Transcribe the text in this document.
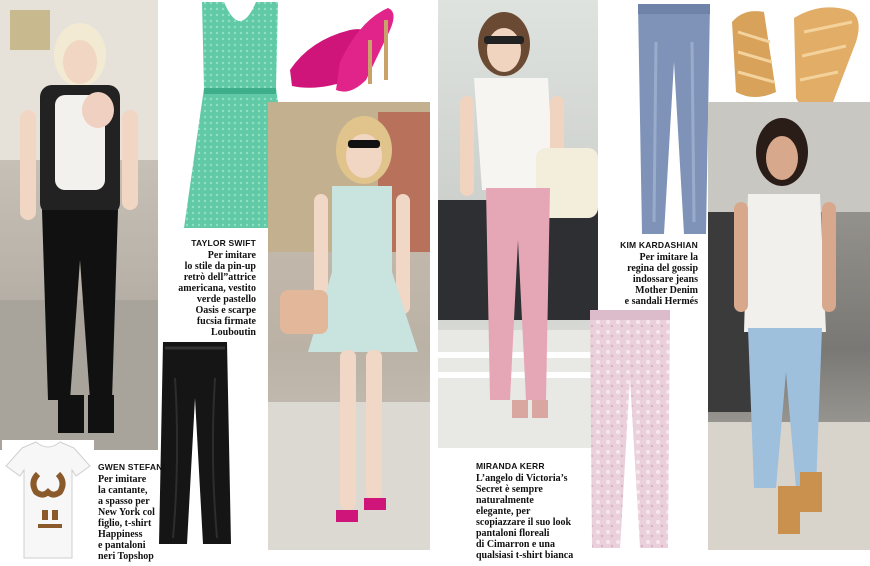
GWEN STEFANI
Per imitare
la cantante,
a spasso per
New York col
figlio, t-shirt
Happiness
e pantaloni
neri Topshop
TAYLOR SWIFT
Per imitare
lo stile da pin-up
retrò dell”attrice
americana, vestito
verde pastello
Oasis e scarpe
fucsia firmate
Louboutin
MIRANDA KERR
L’angelo di Victoria’s
Secret è sempre
naturalmente
elegante, per
scopiazzare il suo look
pantaloni floreali
di Cimarron e una
qualsiasi t-shirt bianca
KIM KARDASHIAN
Per imitare la
regina del gossip
indossare jeans
Mother Denim
e sandali Hermés
